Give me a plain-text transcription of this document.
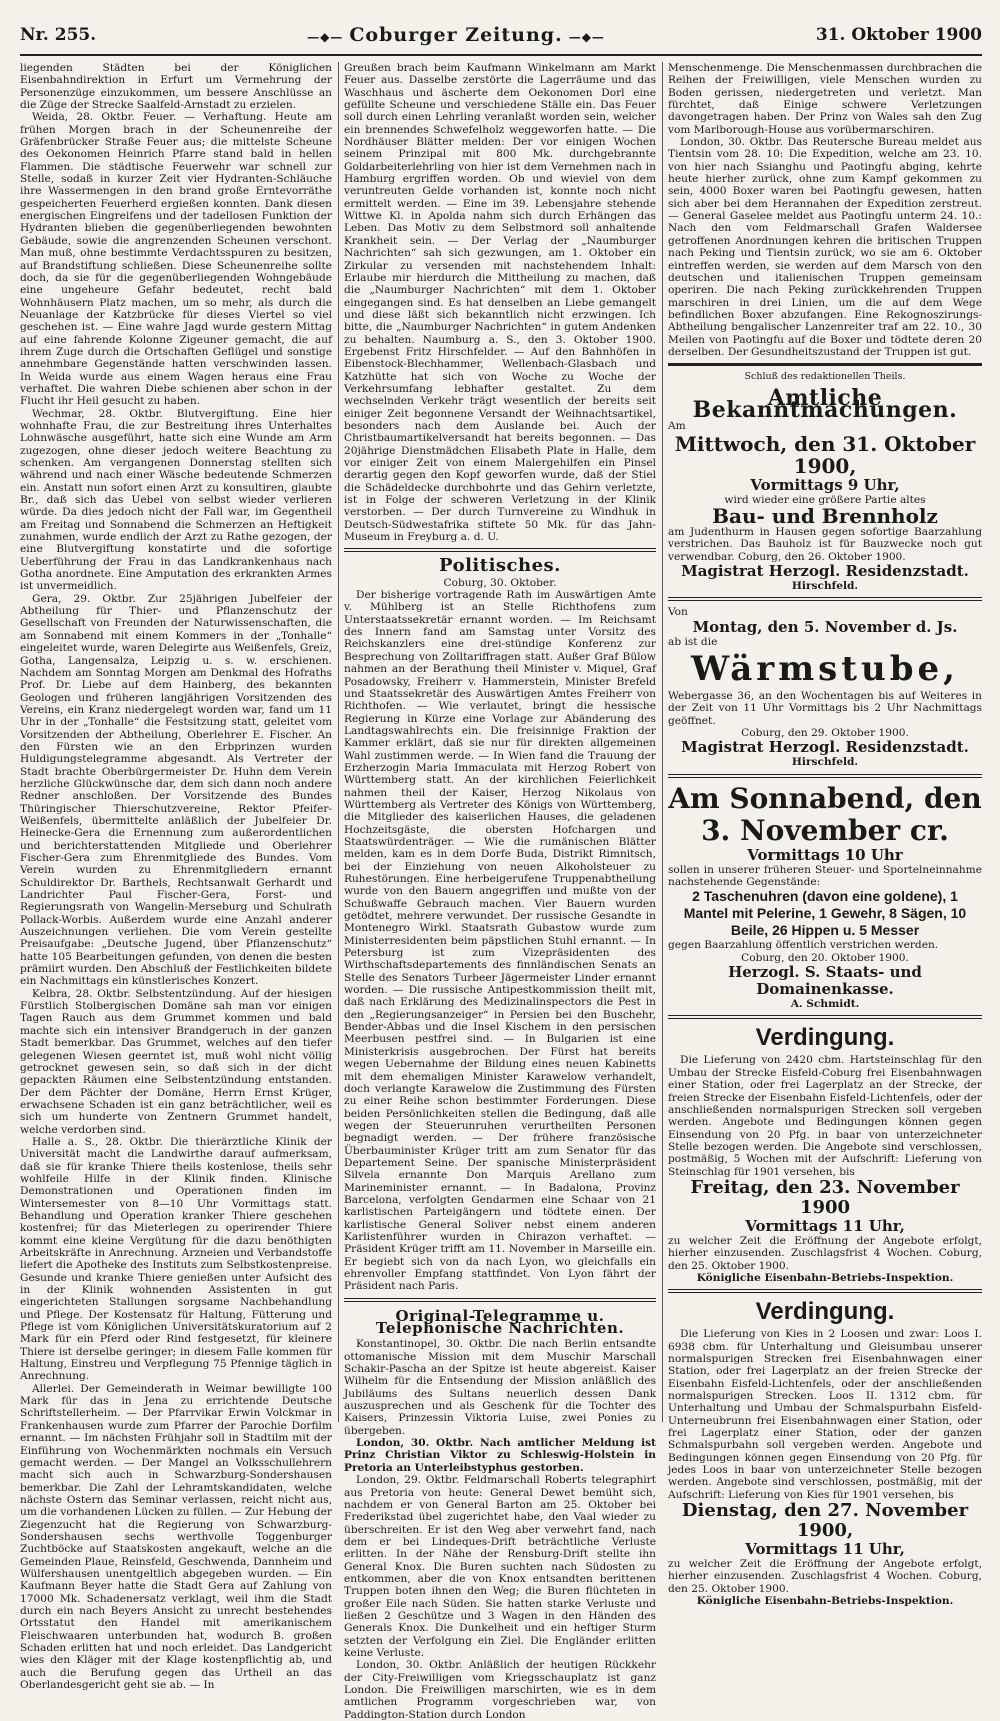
Nr. 255.	—◆— Coburger Zeitung. —◆—	31. Oktober 1900

liegenden Städten bei der Königlichen Eisenbahndirektion in Erfurt um Vermehrung der Personenzüge einzukommen, um bessere Anschlüsse an die Züge der Strecke Saalfeld-Arnstadt zu erzielen.

Weida, 28. Oktbr. Feuer. — Verhaftung. Heute am frühen Morgen brach in der Scheunenreihe der Gräfenbrücker Straße Feuer aus; die mittelste Scheune des Oekonomen Heinrich Pfarre stand bald in hellen Flammen. Die städtische Feuerwehr war schnell zur Stelle, sodaß in kurzer Zeit vier Hydranten-Schläuche ihre Wassermengen in den brand große Erntevorräthe gespeicherten Feuerherd ergießen konnten. Dank diesen energischen Eingreifens und der tadellosen Funktion der Hydranten blieben die gegenüberliegenden bewohnten Gebäude, sowie die angrenzenden Scheunen verschont. Man muß, ohne bestimmte Verdachtsspuren zu besitzen, auf Brandstiftung schließen. Diese Scheunenreihe sollte doch, da sie für die gegenüberliegenden Wohngebäude eine ungeheure Gefahr bedeutet, recht bald Wohnhäusern Platz machen, um so mehr, als durch die Neuanlage der Katzbrücke für dieses Viertel so viel geschehen ist. — Eine wahre Jagd wurde gestern Mittag auf eine fahrende Kolonne Zigeuner gemacht, die auf ihrem Zuge durch die Ortschaften Geflügel und sonstige annehmbare Gegenstände hatten verschwinden lassen. In Weida wurde aus einem Wagen heraus eine Frau verhaftet. Die wahren Diebe schienen aber schon in der Flucht ihr Heil gesucht zu haben.

Wechmar, 28. Oktbr. Blutvergiftung. Eine hier wohnhafte Frau, die zur Bestreitung ihres Unterhaltes Lohnwäsche ausgeführt, hatte sich eine Wunde am Arm zugezogen, ohne dieser jedoch weitere Beachtung zu schenken. Am vergangenen Donnerstag stellten sich während und nach einer Wäsche bedeutende Schmerzen ein. Anstatt nun sofort einen Arzt zu konsultiren, glaubte Br., daß sich das Uebel von selbst wieder verlieren würde. Da dies jedoch nicht der Fall war, im Gegentheil am Freitag und Sonnabend die Schmerzen an Heftigkeit zunahmen, wurde endlich der Arzt zu Rathe gezogen, der eine Blutvergiftung konstatirte und die sofortige Ueberführung der Frau in das Landkrankenhaus nach Gotha anordnete. Eine Amputation des erkrankten Armes ist unvermeidlich.

Gera, 29. Oktbr. Zur 25jährigen Jubelfeier der Abtheilung für Thier- und Pflanzenschutz der Gesellschaft von Freunden der Naturwissenschaften, die am Sonnabend mit einem Kommers in der „Tonhalle“ eingeleitet wurde, waren Delegirte aus Weißenfels, Greiz, Gotha, Langensalza, Leipzig u. s. w. erschienen. Nachdem am Sonntag Morgen am Denkmal des Hofraths Prof. Dr. Liebe auf dem Hainberg, des bekannten Geologen und früheren langjährigen Vorsitzenden des Vereins, ein Kranz niedergelegt worden war, fand um 11 Uhr in der „Tonhalle“ die Festsitzung statt, geleitet vom Vorsitzenden der Abtheilung, Oberlehrer E. Fischer. An den Fürsten wie an den Erbprinzen wurden Huldigungstelegramme abgesandt. Als Vertreter der Stadt brachte Oberbürgermeister Dr. Huhn dem Verein herzliche Glückwünsche dar, dem sich dann noch andere Redner anschloßen. Der Vorsitzende des Bundes Thüringischer Thierschutzvereine, Rektor Pfeifer-Weißenfels, übermittelte anläßlich der Jubelfeier Dr. Heinecke-Gera die Ernennung zum außerordentlichen und berichterstattenden Mitgliede und Oberlehrer Fischer-Gera zum Ehrenmitgliede des Bundes. Vom Verein wurden zu Ehrenmitgliedern ernannt Schuldirektor Dr. Barthels, Rechtsanwalt Gerhardt und Landrichter Paul Fischer-Gera, Forst- und Regierungsrath von Wangelin-Merseburg und Schulrath Pollack-Worbis. Außerdem wurde eine Anzahl anderer Auszeichnungen verliehen. Die vom Verein gestellte Preisaufgabe: „Deutsche Jugend, über Pflanzenschutz“ hatte 105 Bearbeitungen gefunden, von denen die besten prämiirt wurden. Den Abschluß der Festlichkeiten bildete ein Nachmittags ein künstlerisches Konzert.

Kelbra, 28. Oktbr. Selbstentzündung. Auf der hiesigen Fürstlich Stolbergischen Domäne sah man vor einigen Tagen Rauch aus dem Grummet kommen und bald machte sich ein intensiver Brandgeruch in der ganzen Stadt bemerkbar. Das Grummet, welches auf den tiefer gelegenen Wiesen geerntet ist, muß wohl nicht völlig getrocknet gewesen sein, so daß sich in der dicht gepackten Räumen eine Selbstentzündung entstanden. Der dem Pächter der Domäne, Herrn Ernst Krüger, erwachsene Schaden ist ein ganz beträchtlicher, weil es sich um hunderte von Zentnern Grummet handelt, welche verdorben sind.

Halle a. S., 28. Oktbr. Die thierärztliche Klinik der Universität macht die Landwirthe darauf aufmerksam, daß sie für kranke Thiere theils kostenlose, theils sehr wohlfeile Hilfe in der Klinik finden. Klinische Demonstrationen und Operationen finden im Wintersemester von 8—10 Uhr Vormittags statt. Behandlung und Operation kranker Thiere geschehen kostenfrei; für das Mieterlegen zu operirender Thiere kommt eine kleine Vergütung für die dazu benöthigten Arbeitskräfte in Anrechnung. Arzneien und Verbandstoffe liefert die Apotheke des Instituts zum Selbstkostenpreise. Gesunde und kranke Thiere genießen unter Aufsicht des in der Klinik wohnenden Assistenten in gut eingerichteten Stallungen sorgsame Nachbehandlung und Pflege. Der Kostensatz für Haltung, Fütterung und Pflege ist vom Königlichen Universitätskuratorium auf 2 Mark für ein Pferd oder Rind festgesetzt, für kleinere Thiere ist derselbe geringer; in diesem Falle kommen für Haltung, Einstreu und Verpflegung 75 Pfennige täglich in Anrechnung.

Allerlei. Der Gemeinderath in Weimar bewilligte 100 Mark für das in Jena zu errichtende Deutsche Schriftstellerheim. — Der Pfarrvikar Erwin Volckmar in Frankenhausen wurde zum Pfarrer der Parochie Dorfilm ernannt. — Im nächsten Frühjahr soll in Stadtilm mit der Einführung von Wochenmärkten nochmals ein Versuch gemacht werden. — Der Mangel an Volksschullehrern macht sich auch in Schwarzburg-Sondershausen bemerkbar. Die Zahl der Lehramtskandidaten, welche nächste Ostern das Seminar verlassen, reicht nicht aus, um die vorhandenen Lücken zu füllen. — Zur Hebung der Ziegenzucht hat die Regierung von Schwarzburg-Sondershausen sechs werthvolle Toggenburger Zuchtböcke auf Staatskosten angekauft, welche an die Gemeinden Plaue, Reinsfeld, Geschwenda, Dannheim und Wülfershausen unentgeltlich abgegeben wurden. — Ein Kaufmann Beyer hatte die Stadt Gera auf Zahlung von 17000 Mk. Schadenersatz verklagt, weil ihm die Stadt durch ein nach Beyers Ansicht zu unrecht bestehendes Ortsstatut den Handel mit amerikanischem Fleischwaaren unterbunden hat, wodurch B. großen Schaden erlitten hat und noch erleidet. Das Landgericht wies den Kläger mit der Klage kostenpflichtig ab, und auch die Berufung gegen das Urtheil an das Oberlandesgericht geht sie ab. — In

Greußen brach beim Kaufmann Winkelmann am Markt Feuer aus. Dasselbe zerstörte die Lagerräume und das Waschhaus und äscherte dem Oekonomen Dorl eine gefüllte Scheune und verschiedene Ställe ein. Das Feuer soll durch einen Lehrling veranlaßt worden sein, welcher ein brennendes Schwefelholz weggeworfen hatte. — Die Nordhäuser Blätter melden: Der vor einigen Wochen seinem Prinzipal mit 800 Mk. durchgebrannte Goldarbeiterlehrling von hier ist dem Vernehmen nach in Hamburg ergriffen worden. Ob und wieviel von dem veruntreuten Gelde vorhanden ist, konnte noch nicht ermittelt werden. — Eine im 39. Lebensjahre stehende Wittwe Kl. in Apolda nahm sich durch Erhängen das Leben. Das Motiv zu dem Selbstmord soll anhaltende Krankheit sein. — Der Verlag der „Naumburger Nachrichten“ sah sich gezwungen, am 1. Oktober ein Zirkular zu versenden mit nachstehendem Inhalt: Erlaube mir hierdurch die Mittheilung zu machen, daß die „Naumburger Nachrichten“ mit dem 1. Oktober eingegangen sind. Es hat denselben an Liebe gemangelt und diese läßt sich bekanntlich nicht erzwingen. Ich bitte, die „Naumburger Nachrichten“ in gutem Andenken zu behalten. Naumburg a. S., den 3. Oktober 1900. Ergebenst Fritz Hirschfelder. — Auf den Bahnhöfen in Eibenstock-Blechhammer, Wellenbach-Glasbach und Katzhütte hat sich von Woche zu Woche der Verkehrsumfang lebhafter gestaltet. Zu dem wechselnden Verkehr trägt wesentlich der bereits seit einiger Zeit begonnene Versandt der Weihnachtsartikel, besonders nach dem Auslande bei. Auch der Christbaumartikelversandt hat bereits begonnen. — Das 20jährige Dienstmädchen Elisabeth Plate in Halle, dem vor einiger Zeit von einem Malergehilfen ein Pinsel derartig gegen den Kopf geworfen wurde, daß der Stiel die Schädeldecke durchbohrte und das Gehirn verletzte, ist in Folge der schweren Verletzung in der Klinik verstorben. — Der durch Turnvereine zu Windhuk in Deutsch-Südwestafrika stiftete 50 Mk. für das Jahn-Museum in Freyburg a. d. U.

Politisches.
Coburg, 30. Oktober.

Der bisherige vortragende Rath im Auswärtigen Amte v. Mühlberg ist an Stelle Richthofens zum Unterstaatssekretär ernannt worden. — Im Reichsamt des Innern fand am Samstag unter Vorsitz des Reichskanzlers eine drei-stündige Konferenz zur Besprechung von Zolltariffragen statt. Außer Graf Bülow nahmen an der Berathung theil Minister v. Miquel, Graf Posadowsky, Freiherr v. Hammerstein, Minister Brefeld und Staatssekretär des Auswärtigen Amtes Freiherr von Richthofen. — Wie verlautet, bringt die hessische Regierung in Kürze eine Vorlage zur Abänderung des Landtagswahlrechts ein. Die freisinnige Fraktion der Kammer erklärt, daß sie nur für direkten allgemeinen Wahl zustimmen werde. — In Wien fand die Trauung der Erzherzogin Maria Immaculata mit Herzog Robert von Württemberg statt. An der kirchlichen Feierlichkeit nahmen theil der Kaiser, Herzog Nikolaus von Württemberg als Vertreter des Königs von Württemberg, die Mitglieder des kaiserlichen Hauses, die geladenen Hochzeitsgäste, die obersten Hofchargen und Staatswürdenträger. — Wie die rumänischen Blätter melden, kam es in dem Dorfe Buda, Distrikt Rimnitsch, bei der Einziehung von neuen Alkoholsteuer zu Ruhestörungen. Eine herbeigerufene Truppenabtheilung wurde von den Bauern angegriffen und mußte von der Schußwaffe Gebrauch machen. Vier Bauern wurden getödtet, mehrere verwundet. Der russische Gesandte in Montenegro Wirkl. Staatsrath Gubastow wurde zum Ministerresidenten beim päpstlichen Stuhl ernannt. — In Petersburg ist zum Vizepräsidenten des Wirthschaftsdepartements des finnländischen Senats an Stelle des Senators Turbeer Jägermeister Linder ernannt worden. — Die russische Antipestkommission theilt mit, daß nach Erklärung des Medizinalinspectors die Pest in den „Regierungsanzeiger“ in Persien bei den Buschehr, Bender-Abbas und die Insel Kischem in den persischen Meerbusen pestfrei sind. — In Bulgarien ist eine Ministerkrisis ausgebrochen. Der Fürst hat bereits wegen Uebernahme der Bildung eines neuen Kabinetts mit dem ehemaligen Minister Karawelow verhandelt, doch verlangte Karawelow die Zustimmung des Fürsten zu einer Reihe schon bestimmter Forderungen. Diese beiden Persönlichkeiten stellen die Bedingung, daß alle wegen der Steuerunruhen verurtheilten Personen begnadigt werden. — Der frühere französische Überbauminister Krüger tritt am zum Senator für das Departement Seine. Der spanische Ministerpräsident Silvela ernannte Don Marquis Arellano zum Marineminister ernannt. — In Badalona, Provinz Barcelona, verfolgten Gendarmen eine Schaar von 21 karlistischen Parteigängern und tödtete einen. Der karlistische General Soliver nebst einem anderen Karlistenführer wurden in Chirazon verhaftet. — Präsident Krüger trifft am 11. November in Marseille ein. Er begiebt sich von da nach Lyon, wo gleichfalls ein ehrenvoller Empfang stattfindet. Von Lyon fährt der Präsident nach Paris.

Original-Telegramme u. Telephonische Nachrichten.

Konstantinopel, 30. Oktbr. Die nach Berlin entsandte ottomanische Mission mit dem Muschir Marschall Schakir-Pascha an der Spitze ist heute abgereist. Kaiser Wilhelm für die Entsendung der Mission anläßlich des Jubiläums des Sultans neuerlich dessen Dank auszusprechen und als Geschenk für die Tochter des Kaisers, Prinzessin Viktoria Luise, zwei Ponies zu übergeben.

London, 30. Oktbr. Nach amtlicher Meldung ist Prinz Christian Viktor zu Schleswig-Holstein in Pretoria an Unterleibstyphus gestorben.

London, 29. Oktbr. Feldmarschall Roberts telegraphirt aus Pretoria von heute: General Dewet bemüht sich, nachdem er von General Barton am 25. Oktober bei Frederikstad übel zugerichtet habe, den Vaal wieder zu überschreiten. Er ist den Weg aber verwehrt fand, nach dem er bei Lindeques-Drift beträchtliche Verluste erlitten. In der Nähe der Rensburg-Drift stellte ihn General Knox. Die Buren suchten nach Südosten zu entkommen, aber die von Knox entsandten berittenen Truppen boten ihnen den Weg; die Buren flüchteten in großer Eile nach Süden. Sie hatten starke Verluste und ließen 2 Geschütze und 3 Wagen in den Händen des Generals Knox. Die Dunkelheit und ein heftiger Sturm setzten der Verfolgung ein Ziel. Die Engländer erlitten keine Verluste.

London, 30. Oktbr. Anläßlich der heutigen Rückkehr der City-Freiwilligen vom Kriegsschauplatz ist ganz London. Die Freiwilligen marschirten, wie es in dem amtlichen Programm vorgeschrieben war, von Paddington-Station durch London

Menschenmenge. Die Menschenmassen durchbrachen die Reihen der Freiwilligen, viele Menschen wurden zu Boden gerissen, niedergetreten und verletzt. Man fürchtet, daß Einige schwere Verletzungen davongetragen haben. Der Prinz von Wales sah den Zug vom Marlborough-House aus vorübermarschiren.

London, 30. Oktbr. Das Reutersche Bureau meldet aus Tientsin vom 28. 10: Die Expedition, welche am 23. 10. von hier nach Ssianghu und Paotingfu abging, kehrte heute hierher zurück, ohne zum Kampf gekommen zu sein, 4000 Boxer waren bei Paotingfu gewesen, hatten sich aber bei dem Herannahen der Expedition zerstreut. — General Gaselee meldet aus Paotingfu unterm 24. 10.: Nach den vom Feldmarschall Grafen Waldersee getroffenen Anordnungen kehren die britischen Truppen nach Peking und Tientsin zurück, wo sie am 6. Oktober eintreffen werden, sie werden auf dem Marsch von den deutschen und italienischen Truppen gemeinsam operiren. Die nach Peking zurückkehrenden Truppen marschiren in drei Linien, um die auf dem Wege befindlichen Boxer abzufangen. Eine Rekognoszirungs-Abtheilung bengalischer Lanzenreiter traf am 22. 10., 30 Meilen von Paotingfu auf die Boxer und tödtete deren 20 derselben. Der Gesundheitszustand der Truppen ist gut.

Schluß des redaktionellen Theils.
Amtliche Bekanntmachungen.
Am
Mittwoch, den 31. Oktober 1900,
Vormittags 9 Uhr,
wird wieder eine größere Partie altes
Bau- und Brennholz

am Judenthurm in Hausen gegen sofortige Baarzahlung verstrichen. Das Bauholz ist für Bauzwecke noch gut verwendbar. Coburg, den 26. Oktober 1900.

Magistrat Herzogl. Residenzstadt.
Hirschfeld.
Von
Montag, den 5. November d. Js.
ab ist die
Wärmstube,

Webergasse 36, an den Wochentagen bis auf Weiteres in der Zeit von 11 Uhr Vormittags bis 2 Uhr Nachmittags geöffnet.

Coburg, den 29. Oktober 1900.
Magistrat Herzogl. Residenzstadt.
Hirschfeld.
Am Sonnabend, den 3. November cr.
Vormittags 10 Uhr

sollen in unserer früheren Steuer- und Sportelneinnahme nachstehende Gegenstände:

2 Taschenuhren (davon eine goldene), 1 Mantel mit Pelerine, 1 Gewehr, 8 Sägen, 10 Beile, 26 Hippen u. 5 Messer

gegen Baarzahlung öffentlich verstrichen werden.

Coburg, den 20. Oktober 1900.
Herzogl. S. Staats- und Domainenkasse.
A. Schmidt.
Verdingung.

Die Lieferung von 2420 cbm. Hartsteinschlag für den Umbau der Strecke Eisfeld-Coburg frei Eisenbahnwagen einer Station, oder frei Lagerplatz an der Strecke, der freien Strecke der Eisenbahn Eisfeld-Lichtenfels, oder der anschließenden normalspurigen Strecken soll vergeben werden. Angebote und Bedingungen können gegen Einsendung von 20 Pfg. in baar von unterzeichneter Stelle bezogen werden. Die Angebote sind verschlossen, postmäßig, 5 Wochen mit der Aufschrift: Lieferung von Steinschlag für 1901 versehen, bis

Freitag, den 23. November 1900
Vormittags 11 Uhr,

zu welcher Zeit die Eröffnung der Angebote erfolgt, hierher einzusenden. Zuschlagsfrist 4 Wochen. Coburg, den 25. Oktober 1900.

Königliche Eisenbahn-Betriebs-Inspektion.
Verdingung.

Die Lieferung von Kies in 2 Loosen und zwar: Loos I. 6938 cbm. für Unterhaltung und Gleisumbau unserer normalspurigen Strecken frei Eisenbahnwagen einer Station, oder frei Lagerplatz an der freien Strecke der Eisenbahn Eisfeld-Lichtenfels, oder der anschließenden normalspurigen Strecken. Loos II. 1312 cbm. für Unterhaltung und Umbau der Schmalspurbahn Eisfeld-Unterneubrunn frei Eisenbahnwagen einer Station, oder frei Lagerplatz einer Station, oder der ganzen Schmalspurbahn soll vergeben werden. Angebote und Bedingungen können gegen Einsendung von 20 Pfg. für jedes Loos in baar von unterzeichneter Stelle bezogen werden. Angebote sind verschlossen, postmäßig, mit der Aufschrift: Lieferung von Kies für 1901 versehen, bis

Dienstag, den 27. November 1900,
Vormittags 11 Uhr,

zu welcher Zeit die Eröffnung der Angebote erfolgt, hierher einzusenden. Zuschlagsfrist 4 Wochen. Coburg, den 25. Oktober 1900.

Königliche Eisenbahn-Betriebs-Inspektion.
